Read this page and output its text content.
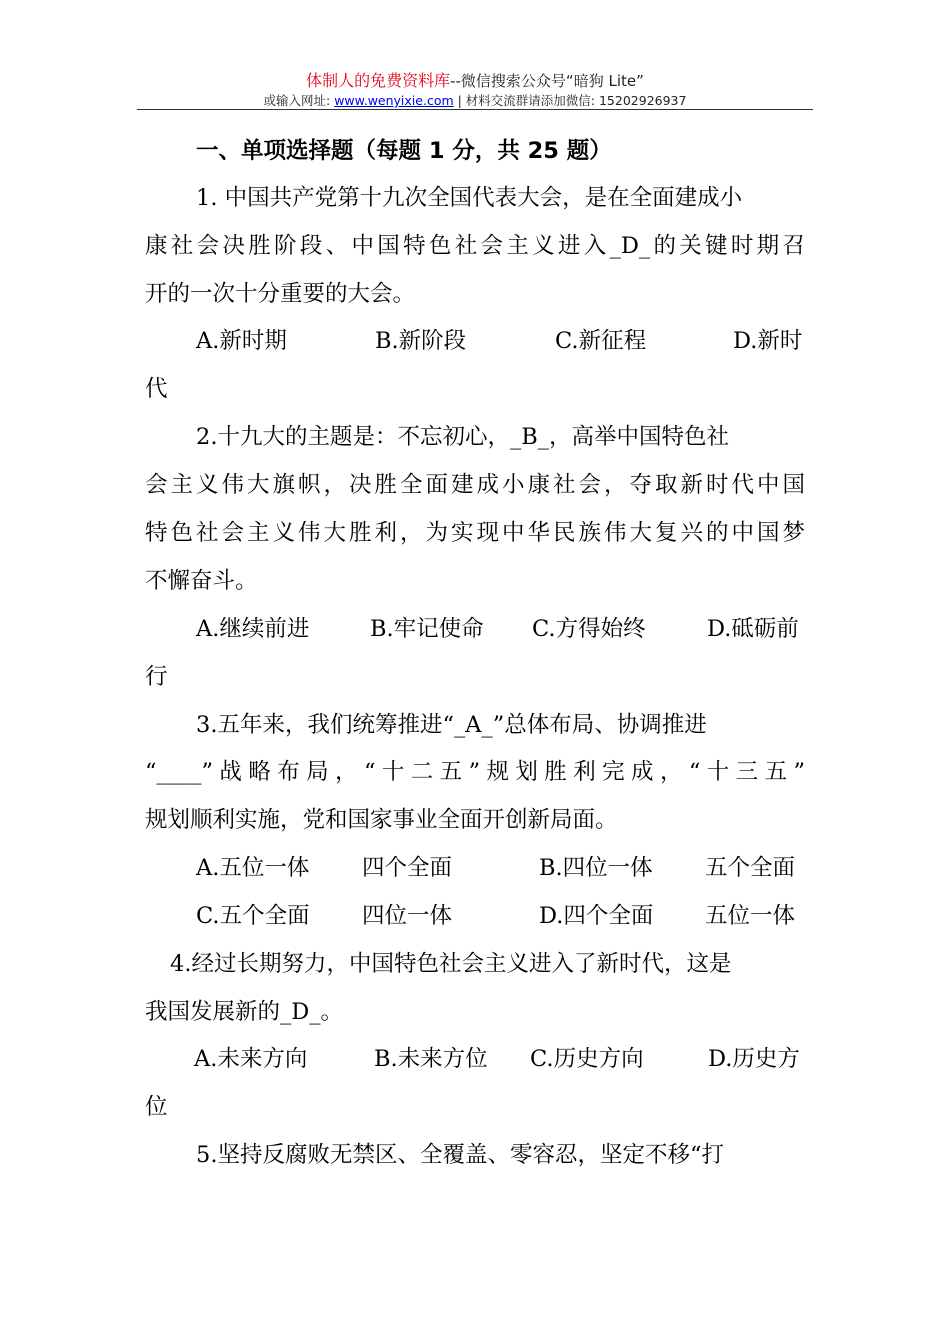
体制人的免费资料库--微信搜索公众号“暗狗 Lite”
或输入网址: www.wenyixie.com | 材料交流群请添加微信: 15202926937
一、单项选择题（每题 1 分，共 25 题）
1. 中国共产党第十九次全国代表大会，是在全面建成小
康社会决胜阶段、中国特色社会主义进入_D_的关键时期召
开的一次十分重要的大会。
A.新时期	B.新阶段	C.新征程	D.新时
代
2.十九大的主题是：不忘初心，_B_，高举中国特色社
会主义伟大旗帜，决胜全面建成小康社会，夺取新时代中国
特色社会主义伟大胜利，为实现中华民族伟大复兴的中国梦
不懈奋斗。
A.继续前进	B.牢记使命 C.方得始终	D.砥砺前
行
3.五年来，我们统筹推进“_A_”总体布局、协调推进
“____”战略布局，“十二五”规划胜利完成，“十三五”
规划顺利实施，党和国家事业全面开创新局面。
A.五位一体 四个全面	B.四位一体 五个全面
C.五个全面 四位一体	D.四个全面 五位一体
4.经过长期努力，中国特色社会主义进入了新时代，这是
我国发展新的_D_。
A.未来方向	B.未来方位 C.历史方向	D.历史方
位
5.坚持反腐败无禁区、全覆盖、零容忍，坚定不移“打
